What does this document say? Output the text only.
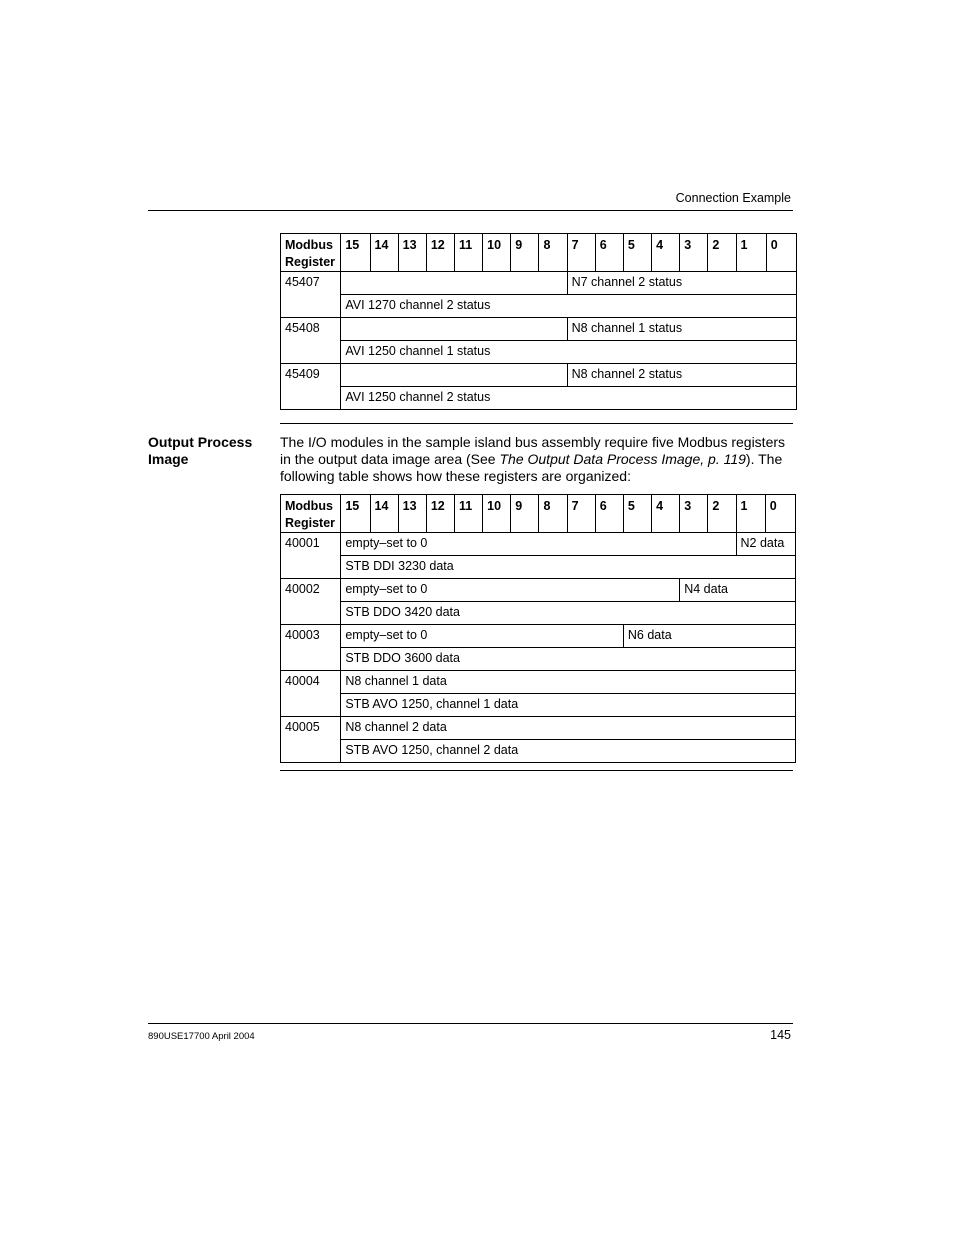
Connection Example
Modbus
Register	15	14	13	12	11	10	9	8	7	6	5	4	3	2	1	0
45407									N7 channel 2 status							
	AVI 1270 channel 2 status															
45408									N8 channel 1 status							
	AVI 1250 channel 1 status															
45409									N8 channel 2 status							
	AVI 1250 channel 2 status															
Output Process Image
The I/O modules in the sample island bus assembly require five Modbus registers in the output data image area (See The Output Data Process Image, p. 119). The following table shows how these registers are organized:
Modbus
Register	15	14	13	12	11	10	9	8	7	6	5	4	3	2	1	0
40001	empty–set to 0														N2 data	
	STB DDI 3230 data															
40002	empty–set to 0												N4 data			
	STB DDO 3420 data															
40003	empty–set to 0										N6 data					
	STB DDO 3600 data															
40004	N8 channel 1 data															
	STB AVO 1250, channel 1 data															
40005	N8 channel 2 data															
	STB AVO 1250, channel 2 data															
890USE17700 April 2004	145
